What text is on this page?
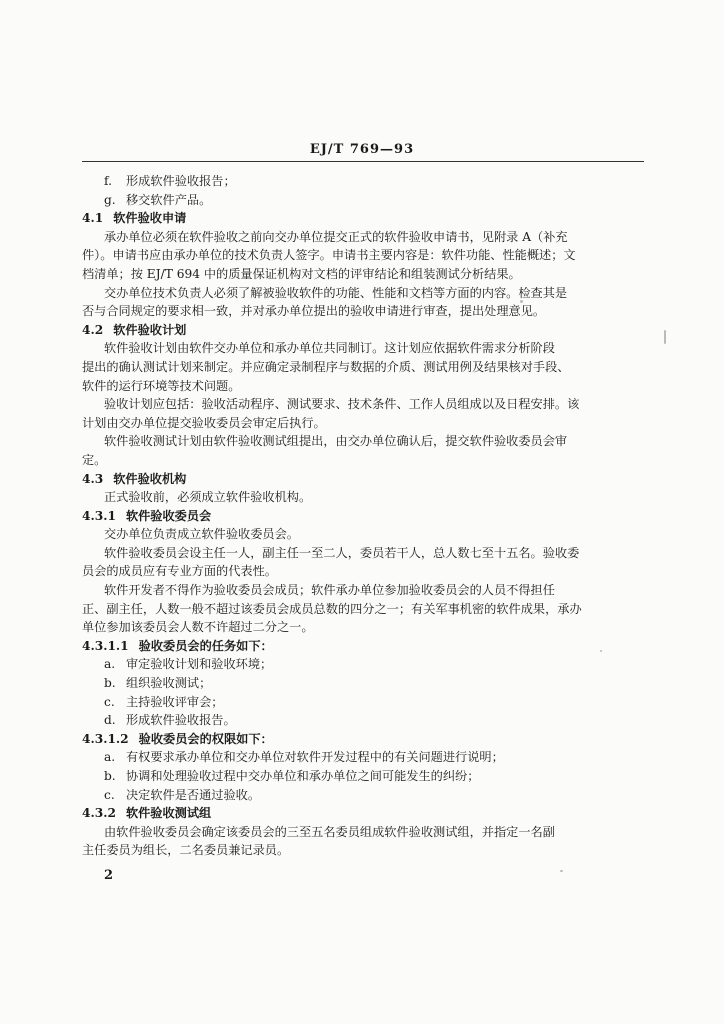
EJ/T 769—93
f. 形成软件验收报告；
g. 移交软件产品。
4.1 软件验收申请
承办单位必须在软件验收之前向交办单位提交正式的软件验收申请书，见附录 A（补充
件）。申请书应由承办单位的技术负责人签字。申请书主要内容是：软件功能、性能概述；文
档清单；按 EJ/T 694 中的质量保证机构对文档的评审结论和组装测试分析结果。
交办单位技术负责人必须了解被验收软件的功能、性能和文档等方面的内容。检查其是
否与合同规定的要求相一致，并对承办单位提出的验收申请进行审查，提出处理意见。
4.2 软件验收计划
软件验收计划由软件交办单位和承办单位共同制订。这计划应依据软件需求分析阶段
提出的确认测试计划来制定。并应确定录制程序与数据的介质、测试用例及结果核对手段、
软件的运行环境等技术问题。
验收计划应包括：验收活动程序、测试要求、技术条件、工作人员组成以及日程安排。该
计划由交办单位提交验收委员会审定后执行。
软件验收测试计划由软件验收测试组提出，由交办单位确认后，提交软件验收委员会审
定。
4.3 软件验收机构
正式验收前，必须成立软件验收机构。
4.3.1 软件验收委员会
交办单位负责成立软件验收委员会。
软件验收委员会设主任一人，副主任一至二人，委员若干人，总人数七至十五名。验收委
员会的成员应有专业方面的代表性。
软件开发者不得作为验收委员会成员；软件承办单位参加验收委员会的人员不得担任
正、副主任，人数一般不超过该委员会成员总数的四分之一；有关军事机密的软件成果，承办
单位参加该委员会人数不许超过二分之一。
4.3.1.1 验收委员会的任务如下：
a. 审定验收计划和验收环境；
b. 组织验收测试；
c. 主持验收评审会；
d. 形成软件验收报告。
4.3.1.2 验收委员会的权限如下：
a. 有权要求承办单位和交办单位对软件开发过程中的有关问题进行说明；
b. 协调和处理验收过程中交办单位和承办单位之间可能发生的纠纷；
c. 决定软件是否通过验收。
4.3.2 软件验收测试组
由软件验收委员会确定该委员会的三至五名委员组成软件验收测试组，并指定一名副
主任委员为组长，二名委员兼记录员。
2
